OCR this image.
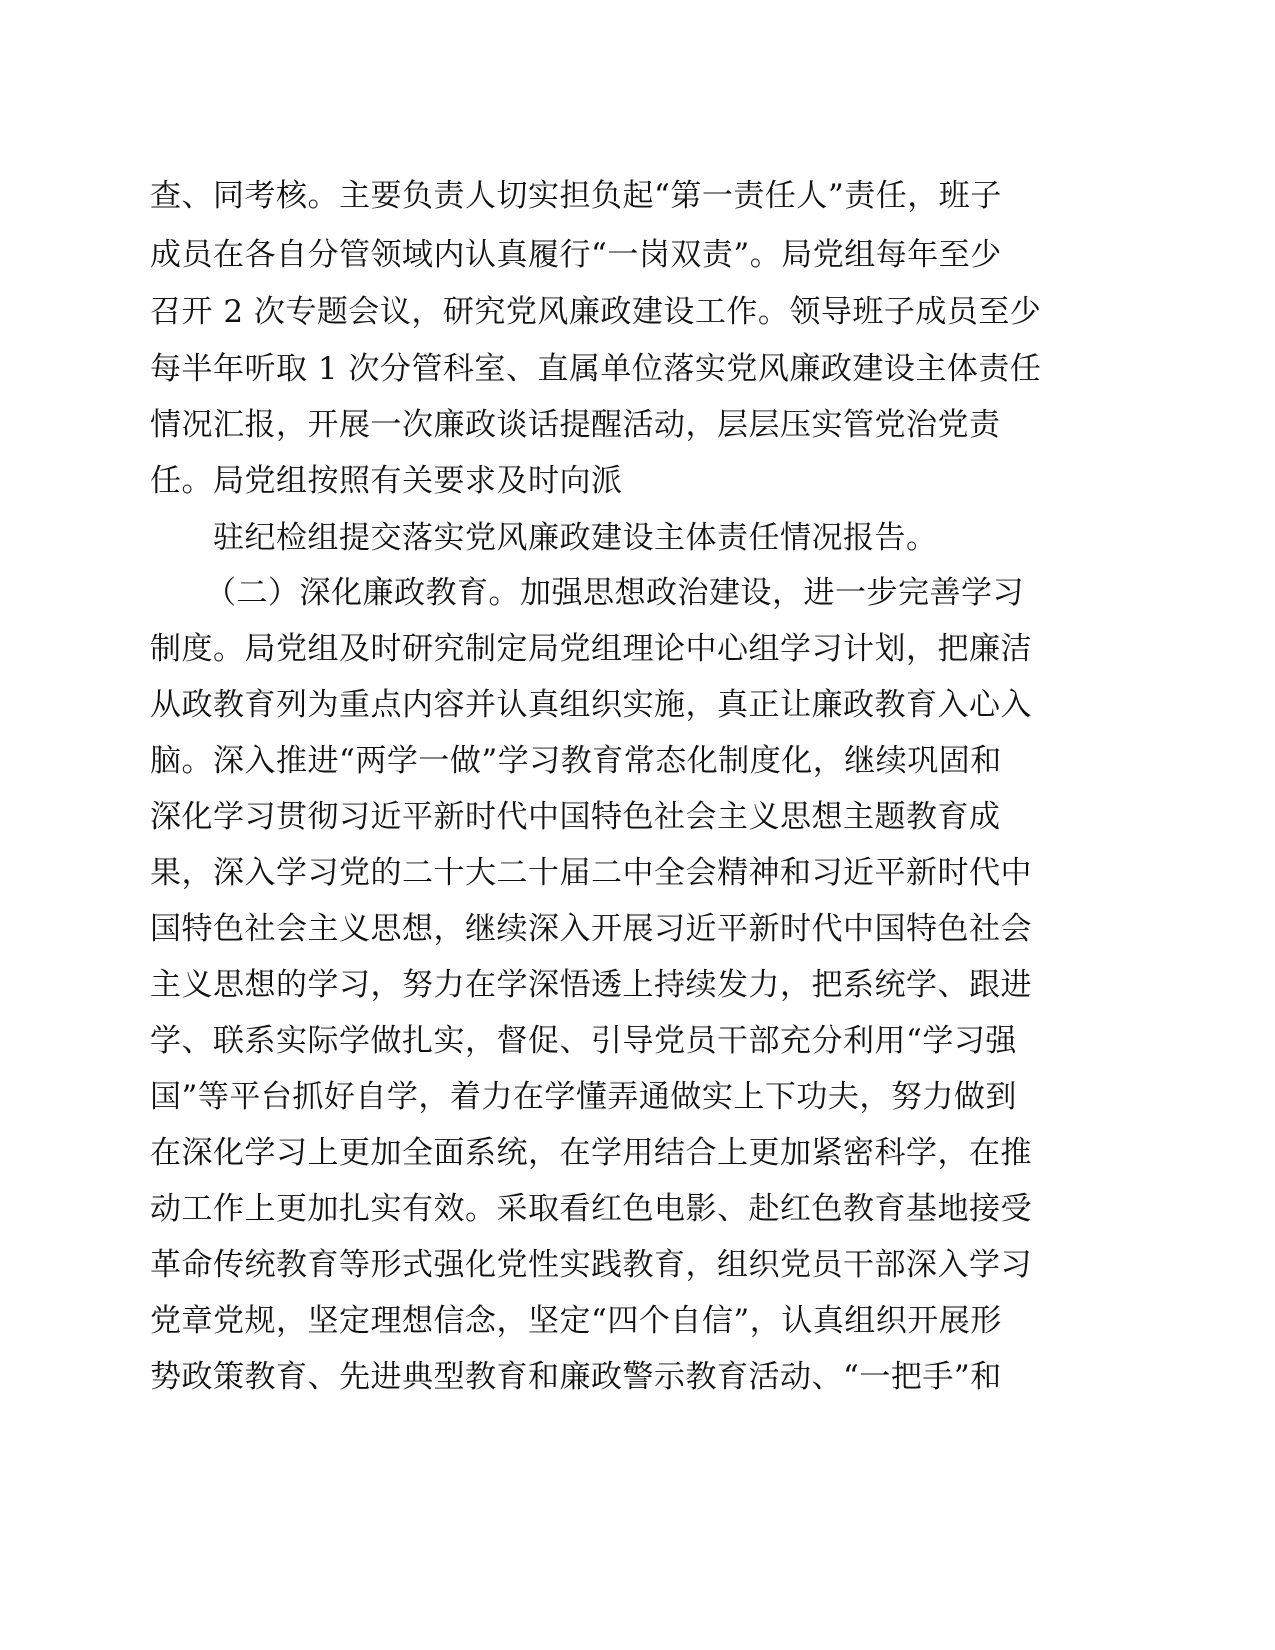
查、同考核。主要负责人切实担负起“第一责任人”责任，班子
成员在各自分管领域内认真履行“一岗双责”。局党组每年至少
召开 2 次专题会议，研究党风廉政建设工作。领导班子成员至少
每半年听取 1 次分管科室、直属单位落实党风廉政建设主体责任
情况汇报，开展一次廉政谈话提醒活动，层层压实管党治党责
任。局党组按照有关要求及时向派
驻纪检组提交落实党风廉政建设主体责任情况报告。
（二）深化廉政教育。加强思想政治建设，进一步完善学习
制度。局党组及时研究制定局党组理论中心组学习计划，把廉洁
从政教育列为重点内容并认真组织实施，真正让廉政教育入心入
脑。深入推进“两学一做”学习教育常态化制度化，继续巩固和
深化学习贯彻习近平新时代中国特色社会主义思想主题教育成
果，深入学习党的二十大二十届二中全会精神和习近平新时代中
国特色社会主义思想，继续深入开展习近平新时代中国特色社会
主义思想的学习，努力在学深悟透上持续发力，把系统学、跟进
学、联系实际学做扎实，督促、引导党员干部充分利用“学习强
国”等平台抓好自学，着力在学懂弄通做实上下功夫，努力做到
在深化学习上更加全面系统，在学用结合上更加紧密科学，在推
动工作上更加扎实有效。采取看红色电影、赴红色教育基地接受
革命传统教育等形式强化党性实践教育，组织党员干部深入学习
党章党规，坚定理想信念，坚定“四个自信”，认真组织开展形
势政策教育、先进典型教育和廉政警示教育活动、“一把手”和
